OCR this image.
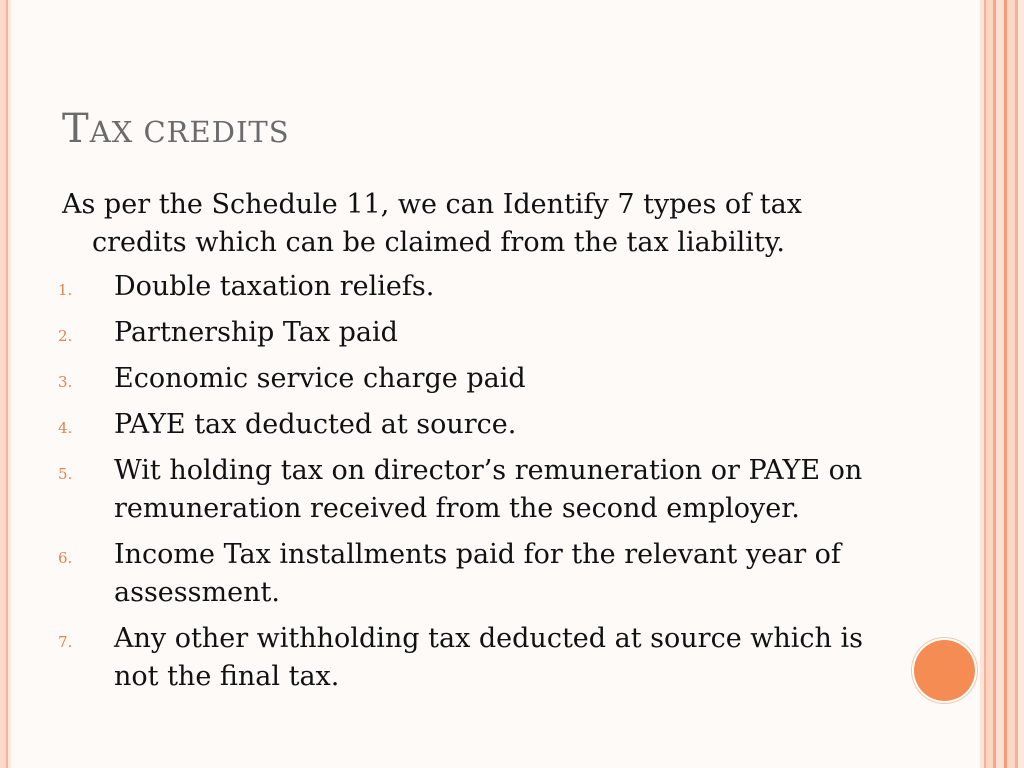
TAX CREDITS
As per the Schedule 11, we can Identify 7 types of tax credits which can be claimed from the tax liability.
1. Double taxation reliefs.
2. Partnership Tax paid
3. Economic service charge paid
4. PAYE tax deducted at source.
5. Wit holding tax on director’s remuneration or PAYE on remuneration received from the second employer.
6. Income Tax installments paid for the relevant year of assessment.
7. Any other withholding tax deducted at source which is not the final tax.
